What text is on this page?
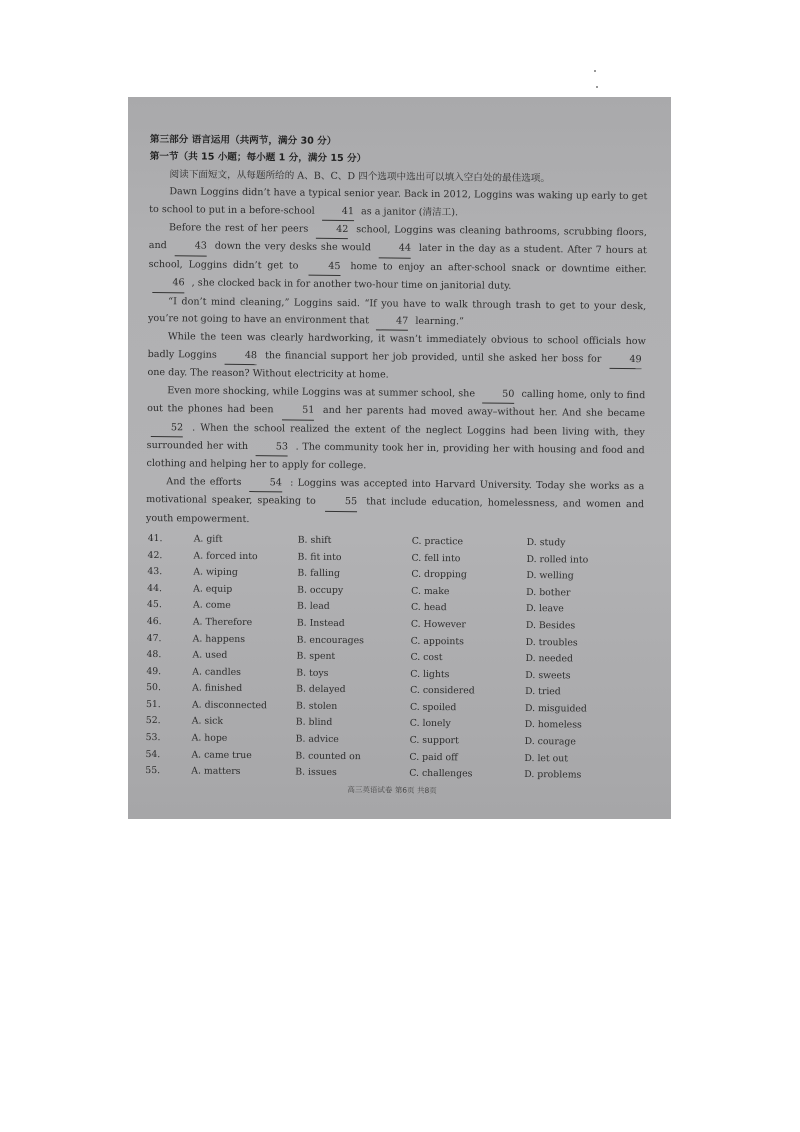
第三部分 语言运用（共两节，满分 30 分）
第一节（共 15 小题；每小题 1 分，满分 15 分）

阅读下面短文，从每题所给的 A、B、C、D 四个选项中选出可以填入空白处的最佳选项。

Dawn Loggins didn’t have a typical senior year. Back in 2012, Loggins was waking up early to get to school to put in a before-school	41 as a janitor (清洁工).

Before the rest of her peers	42 school, Loggins was cleaning bathrooms, scrubbing floors, and	43 down the very desks she would	44 later in the day as a student. After 7 hours at school, Loggins didn’t get to	45 home to enjoy an after-school snack or downtime either. 46 , she clocked back in for another two-hour time on janitorial duty.

“I don’t mind cleaning,” Loggins said. “If you have to walk through trash to get to your desk, you’re not going to have an environment that	47 learning.”

While the teen was clearly hardworking, it wasn’t immediately obvious to school officials how badly Loggins	48 the financial support her job provided, until she asked her boss for	49 one day. The reason? Without electricity at home.

Even more shocking, while Loggins was at summer school, she	50 calling home, only to find out the phones had been	51 and her parents had moved away–without her. And she became 52 . When the school realized the extent of the neglect Loggins had been living with, they surrounded her with	53 . The community took her in, providing her with housing and food and clothing and helping her to apply for college.

And the efforts	54 : Loggins was accepted into Harvard University. Today she works as a motivational speaker, speaking to	55 that include education, homelessness, and women and youth empowerment.

41.	A. gift	B. shift	C. practice	D. study
42.	A. forced into	B. fit into	C. fell into	D. rolled into
43.	A. wiping	B. falling	C. dropping	D. welling
44.	A. equip	B. occupy	C. make	D. bother
45.	A. come	B. lead	C. head	D. leave
46.	A. Therefore	B. Instead	C. However	D. Besides
47.	A. happens	B. encourages	C. appoints	D. troubles
48.	A. used	B. spent	C. cost	D. needed
49.	A. candles	B. toys	C. lights	D. sweets
50.	A. finished	B. delayed	C. considered	D. tried
51.	A. disconnected	B. stolen	C. spoiled	D. misguided
52.	A. sick	B. blind	C. lonely	D. homeless
53.	A. hope	B. advice	C. support	D. courage
54.	A. came true	B. counted on	C. paid off	D. let out
55.	A. matters	B. issues	C. challenges	D. problems
高三英语试卷 第6页 共8页
